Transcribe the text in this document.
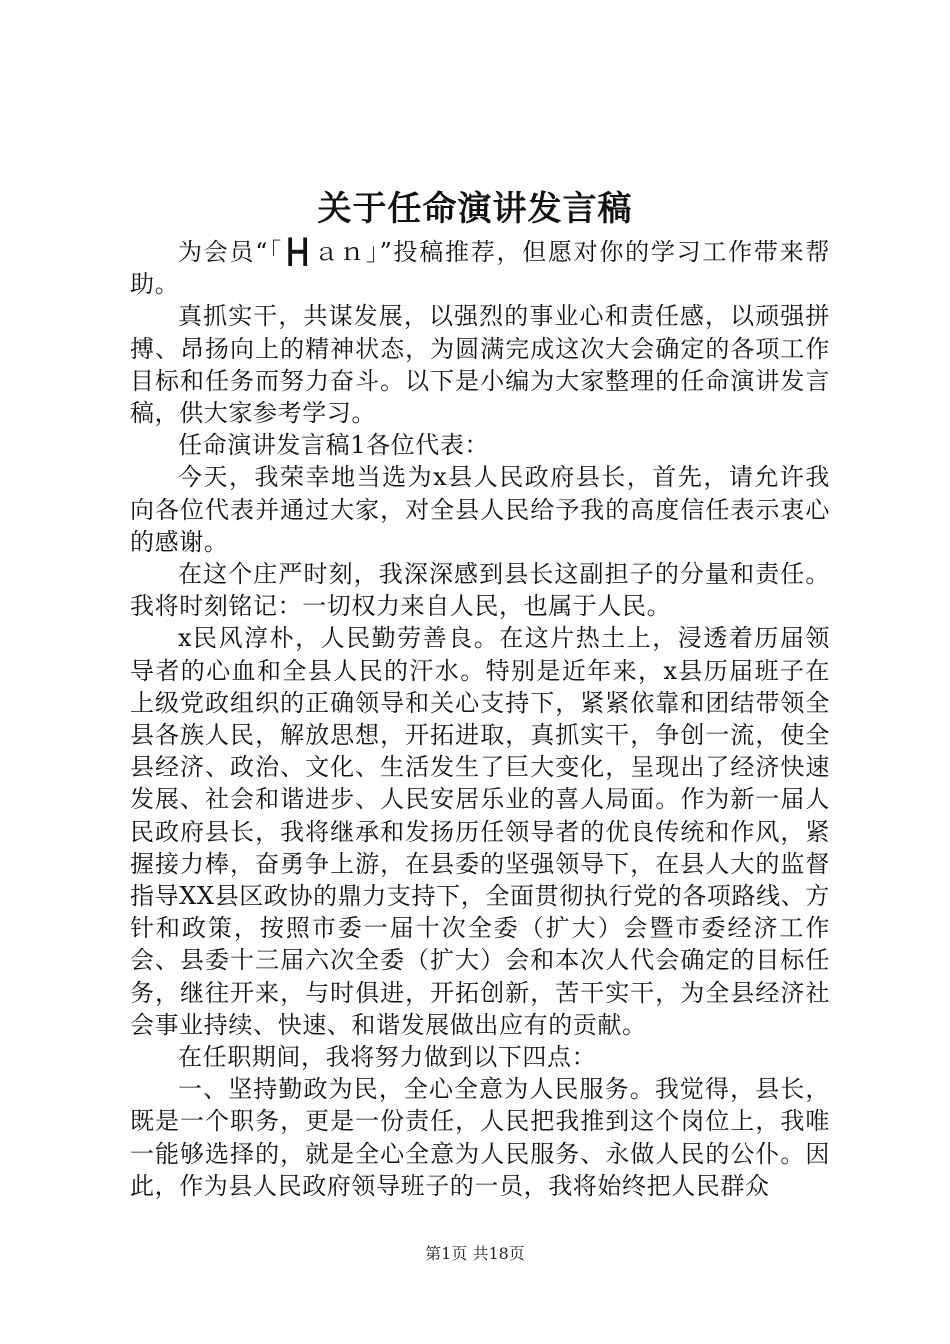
关于任命演讲发言稿

为会员“「┣┫ａｎ」”投稿推荐，但愿对你的学习工作带来帮助。

真抓实干，共谋发展，以强烈的事业心和责任感，以顽强拼搏、昂扬向上的精神状态，为圆满完成这次大会确定的各项工作目标和任务而努力奋斗。以下是小编为大家整理的任命演讲发言稿，供大家参考学习。

任命演讲发言稿1各位代表：

今天，我荣幸地当选为x县人民政府县长，首先，请允许我向各位代表并通过大家，对全县人民给予我的高度信任表示衷心的感谢。

在这个庄严时刻，我深深感到县长这副担子的分量和责任。我将时刻铭记：一切权力来自人民，也属于人民。

x民风淳朴，人民勤劳善良。在这片热土上，浸透着历届领导者的心血和全县人民的汗水。特别是近年来，x县历届班子在上级党政组织的正确领导和关心支持下，紧紧依靠和团结带领全县各族人民，解放思想，开拓进取，真抓实干，争创一流，使全县经济、政治、文化、生活发生了巨大变化，呈现出了经济快速发展、社会和谐进步、人民安居乐业的喜人局面。作为新一届人民政府县长，我将继承和发扬历任领导者的优良传统和作风，紧握接力棒，奋勇争上游，在县委的坚强领导下，在县人大的监督指导XX县区政协的鼎力支持下，全面贯彻执行党的各项路线、方针和政策，按照市委一届十次全委（扩大）会暨市委经济工作会、县委十三届六次全委（扩大）会和本次人代会确定的目标任务，继往开来，与时俱进，开拓创新，苦干实干，为全县经济社会事业持续、快速、和谐发展做出应有的贡献。

在任职期间，我将努力做到以下四点：

一、坚持勤政为民，全心全意为人民服务。我觉得，县长，既是一个职务，更是一份责任，人民把我推到这个岗位上，我唯一能够选择的，就是全心全意为人民服务、永做人民的公仆。因此，作为县人民政府领导班子的一员，我将始终把人民群众

第1页 共18页
